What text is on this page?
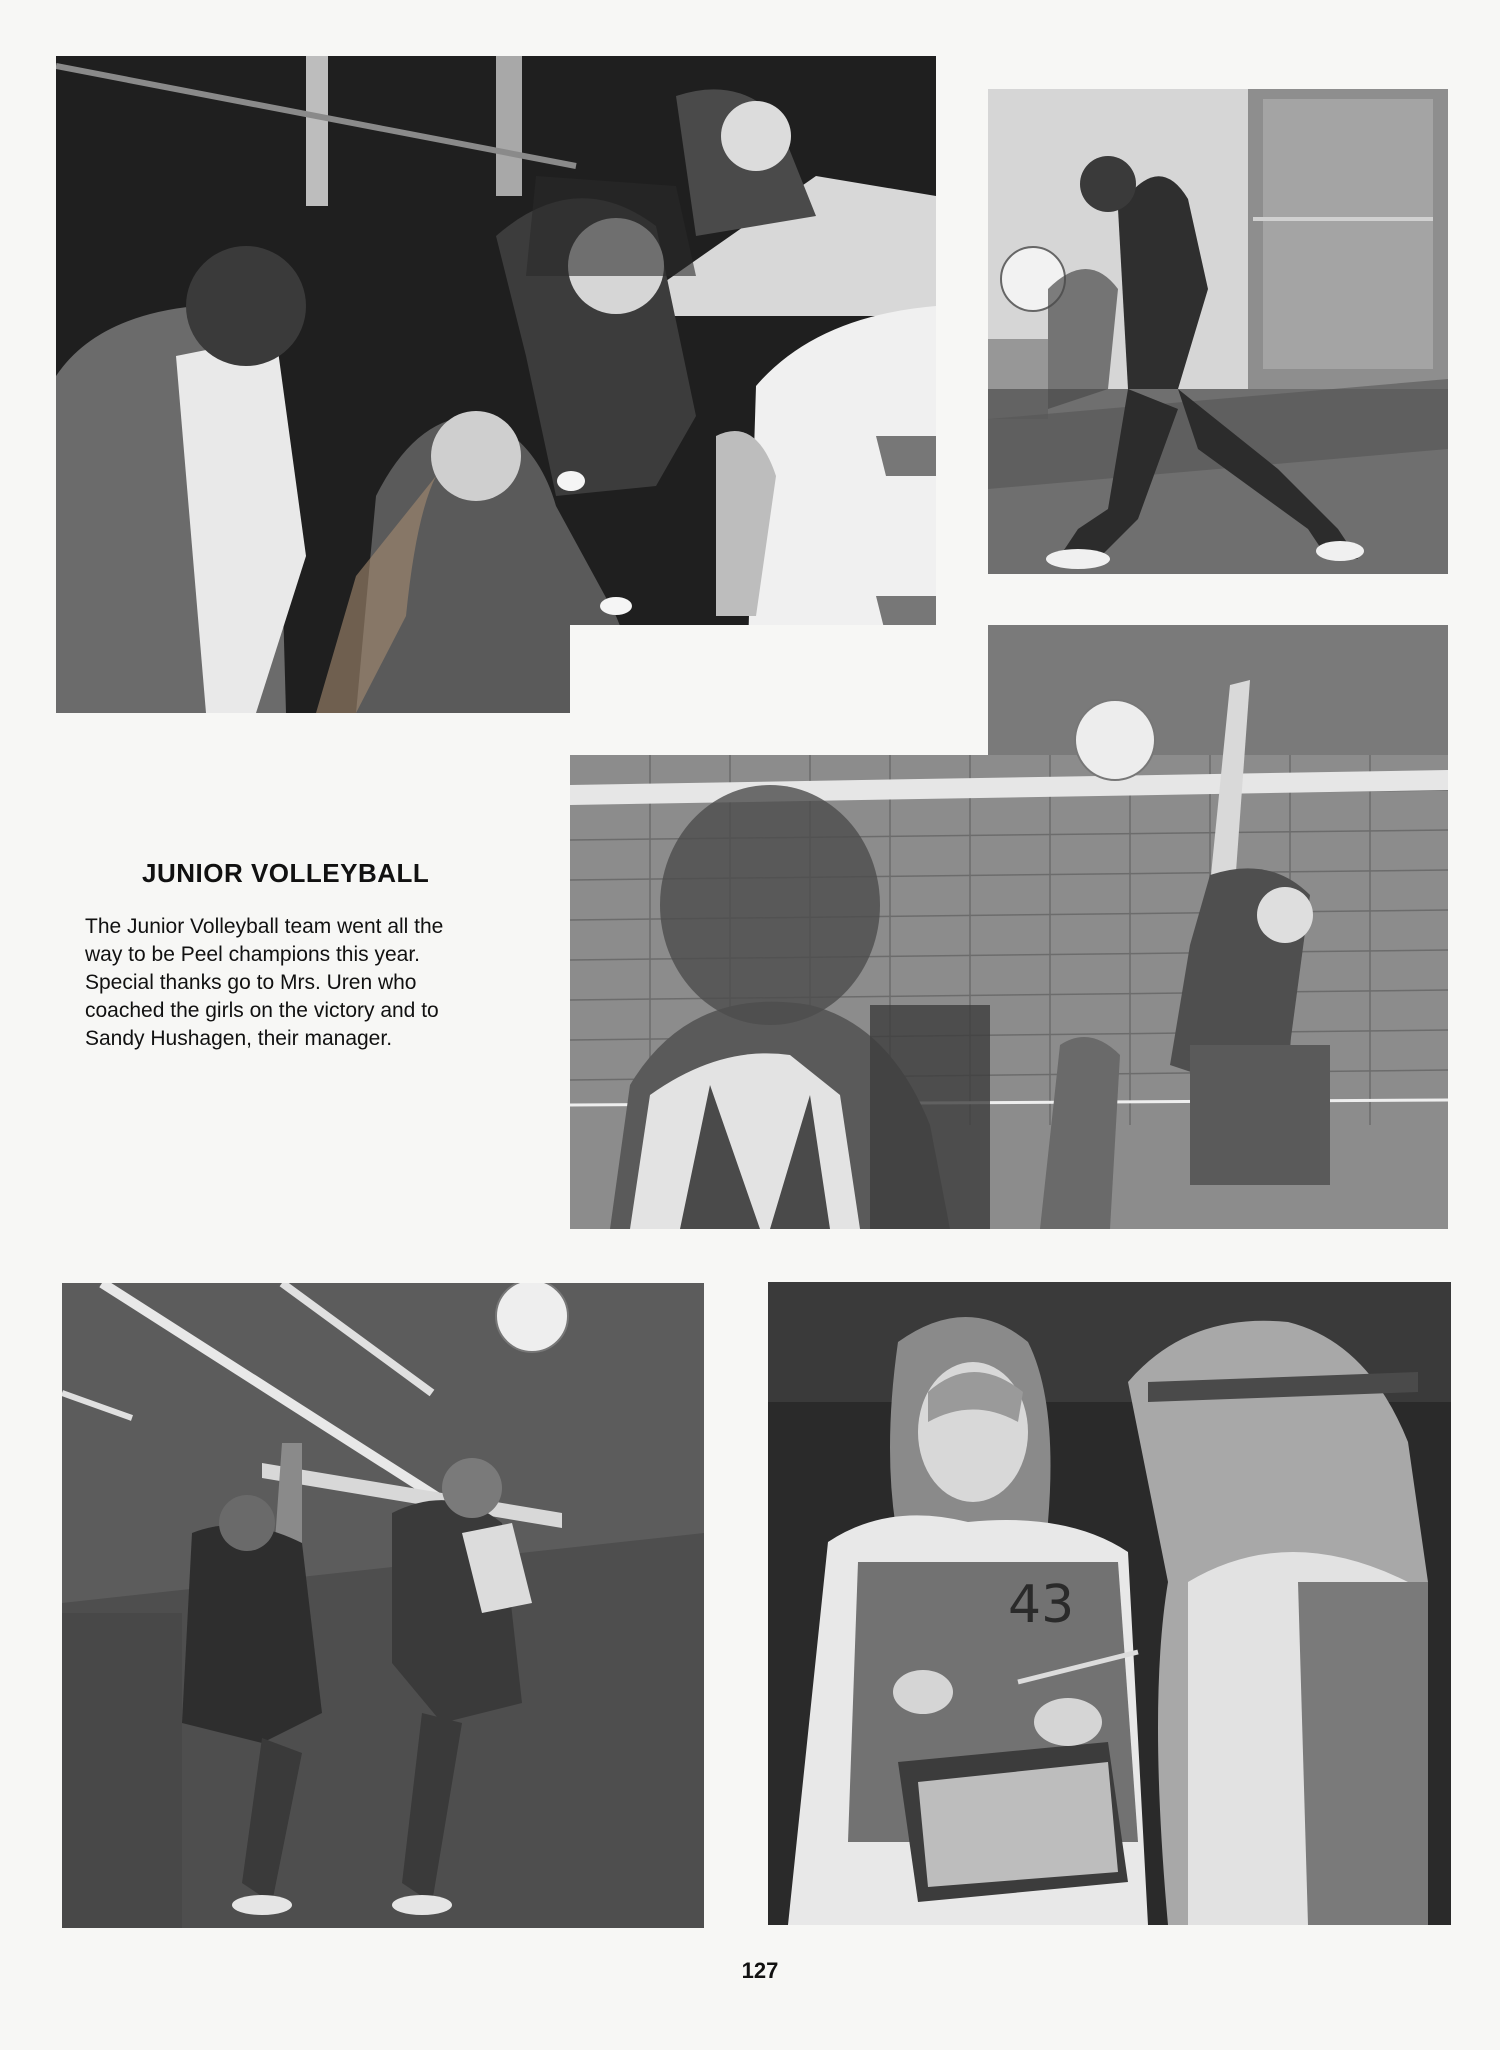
43
JUNIOR VOLLEYBALL
The Junior Volleyball team went all the
way to be Peel champions this year.
Special thanks go to Mrs. Uren who
coached the girls on the victory and to
Sandy Hushagen, their manager.
127
